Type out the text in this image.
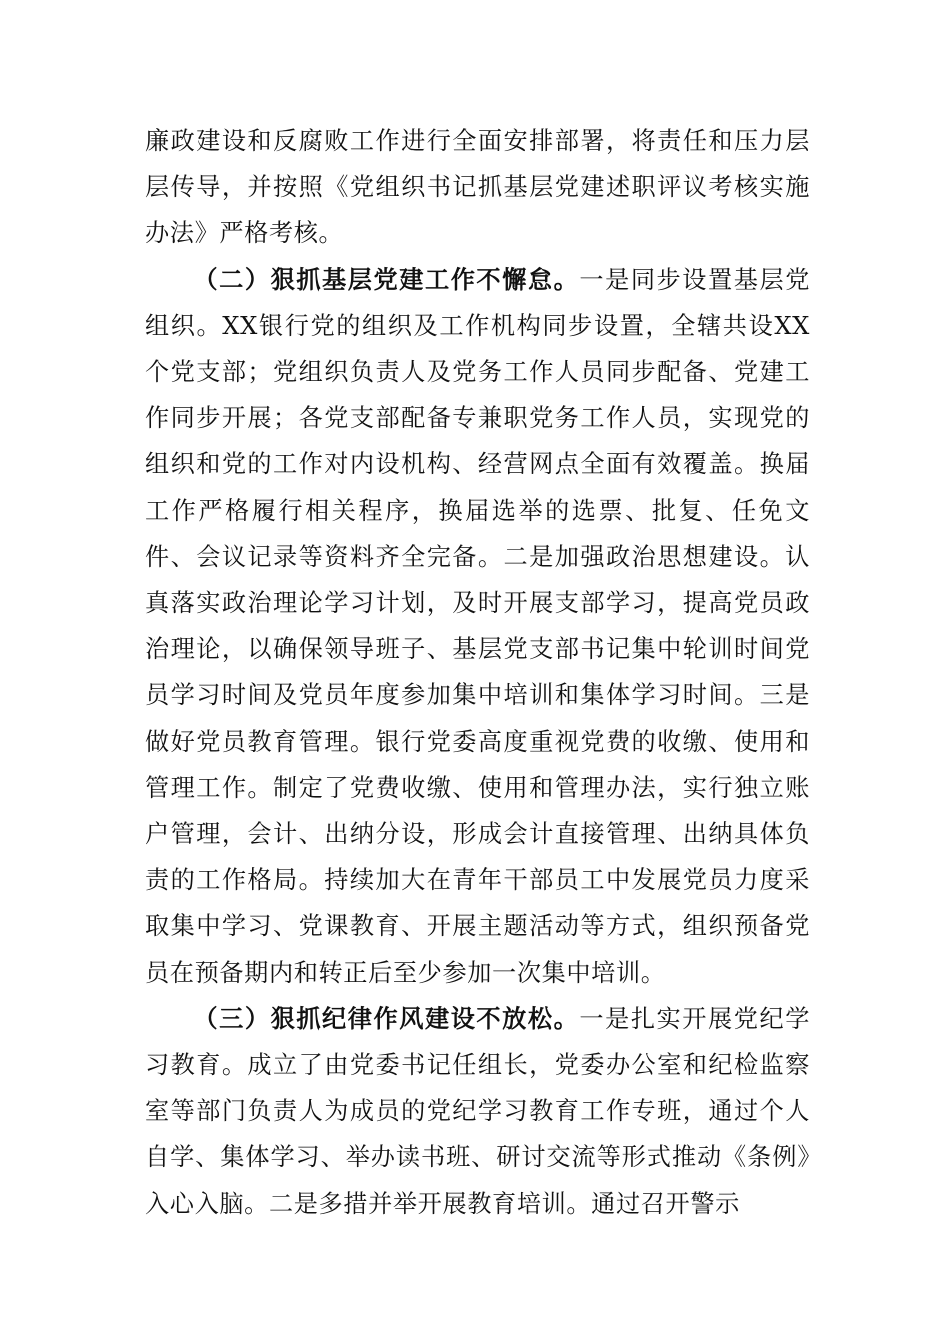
廉政建设和反腐败工作进行全面安排部署，将责任和压力层层传导，并按照《党组织书记抓基层党建述职评议考核实施办法》严格考核。

（二）狠抓基层党建工作不懈怠。一是同步设置基层党组织。XX银行党的组织及工作机构同步设置，全辖共设XX个党支部；党组织负责人及党务工作人员同步配备、党建工作同步开展；各党支部配备专兼职党务工作人员，实现党的组织和党的工作对内设机构、经营网点全面有效覆盖。换届工作严格履行相关程序，换届选举的选票、批复、任免文件、会议记录等资料齐全完备。二是加强政治思想建设。认真落实政治理论学习计划，及时开展支部学习，提高党员政治理论，以确保领导班子、基层党支部书记集中轮训时间党员学习时间及党员年度参加集中培训和集体学习时间。三是做好党员教育管理。银行党委高度重视党费的收缴、使用和管理工作。制定了党费收缴、使用和管理办法，实行独立账户管理，会计、出纳分设，形成会计直接管理、出纳具体负责的工作格局。持续加大在青年干部员工中发展党员力度采取集中学习、党课教育、开展主题活动等方式，组织预备党员在预备期内和转正后至少参加一次集中培训。

（三）狠抓纪律作风建设不放松。一是扎实开展党纪学习教育。成立了由党委书记任组长，党委办公室和纪检监察室等部门负责人为成员的党纪学习教育工作专班，通过个人自学、集体学习、举办读书班、研讨交流等形式推动《条例》入心入脑。二是多措并举开展教育培训。通过召开警示
